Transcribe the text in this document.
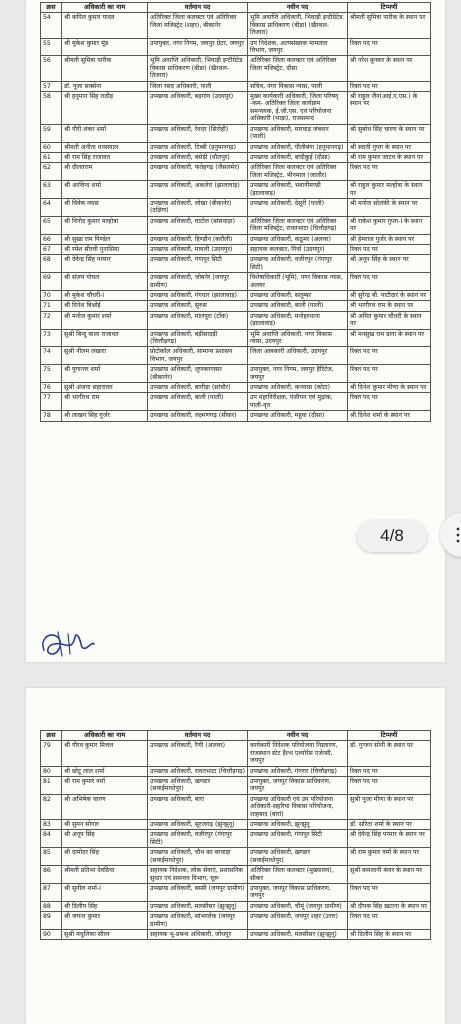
क्रस	अधिकारी का नाम	वर्तमान पद	नवीन पद	टिप्पणी
54	श्री कपिल कुमार यादव	अतिरिक्त जिला कलक्टर एवं अतिरिक्त जिला मजिस्ट्रेट (शहर), बीकानेर	भूमि अवाप्ति अधिकारी, भिवाड़ी इन्टीग्रेटेड विकास प्राधिकरण (बीडा) (खैरथल-तिजारा)	श्रीमती सुमित्रा पारीक के स्थान पर
55	श्री मुकेश कुमार मूंड	उपायुक्त, नगर निगम, जयपुर ग्रेटर, जयपुर	उप निदेशक, अल्पसंख्यक मामलात विभाग, जयपुर.	रिक्त पद पर
56	श्रीमती सुमित्रा पारीक	भूमि अवाप्ति अधिकारी, भिवाड़ी इन्टीग्रेटेड विकास प्राधिकरण (बीडा) (खैरथल-तिजारा)	अतिरिक्त जिला कलक्टर एवं अतिरिक्त जिला मजिस्ट्रेट, दौसा	श्री नरेश बुनकर के स्थान पर
57	डॉ. पूजा सक्सेना	जिला रसद अधिकारी, पाली	सचिव, नगर विकास न्यास, पाली	रिक्त पद पर
58	श्री हनुमान सिंह राठौड़	उपखण्ड अधिकारी, बड़गांव (उदयपुर)	मुख्य कार्यकारी अधिकारी, जिला परिषद् -कम- अतिरिक्त जिला कार्यक्रम समन्वयक, ई.जी.एस. एवं परियोजना अधिकारी (भाड़ा), राजसमन्द	श्री राहुल जैन(आई.ए.एस.) के स्थान पर
59	श्री गौरी शंकर शर्मा	उपखण्ड अधिकारी, रेवदर (सिरोही)	उपखण्ड अधिकारी, मारवाड़ जंक्शन (पाली)	श्री सुबोध सिंह चारण के स्थान पर
60	श्रीमती अनीता धनसवाल	उपखण्ड अधिकारी, टिब्बी (हनुमानगढ़)	उपखण्ड अधिकारी, पीलीबंगा (हनुमानगढ़)	श्री स्वाती गुप्ता के स्थान पर
61	श्री राम सिंह राजावत	उपखण्ड अधिकारी, बसेड़ी (धौलपुर)	उपखण्ड अधिकारी, बांदीकुई (दौसा)	श्री राम कुमार जाटव के स्थान पर
62	श्री दौलतराम	उपखण्ड अधिकारी, फतेहगढ़ (जैसलमेर)	अतिरिक्त जिला कलक्टर एवं अतिरिक्त जिला मजिस्ट्रेट, भीनमाल (जालौर)	रिक्त पद पर
63	श्री अरविन्द शर्मा	उपखण्ड अधिकारी, अकलेरा (झालावाड़)	उपखण्ड अधिकारी, भवानीमण्डी (झालावाड़)	श्री राहुल कुमार मल्होत्रा के स्थान पर
64	श्री विवेक व्यास	उपखण्ड अधिकारी, लोखा (बीकानेर) (दक्षिण)	उपखण्ड अधिकारी, देसूरी (पाली)	श्री मनोज सोलंकी के स्थान पर
65	श्री विनोद कुमार मल्होत्रा	उपखण्ड अधिकारी, घाटोल (बांसवाड़ा)	अतिरिक्त जिला कलक्टर एवं अतिरिक्त जिला मजिस्ट्रेट, रावतभाटा (चित्तौड़गढ़)	श्री राकेश कुमार गुप्ता-I के स्थान पर
66	श्री सुखा राम पिण्डेल	उपखण्ड अधिकारी, हिण्डौन (करौली)	उपखण्ड अधिकारी, कठूमर (अलवर)	श्री हेमराज गुर्जर के स्थान पर
67	श्री रमेश सीरवी पुनासिया	उपखण्ड अधिकारी, मावली (उदयपुर)	सहायक कलक्टर, गिर्वा (उदयपुर)	रिक्त पद पर
68	श्री देवेन्द्र सिंह परमार	उपखण्ड अधिकारी, गंगापुर सिटी	उपखण्ड अधिकारी, वजीरपुर (गंगापुर सिटी)	श्री अनूप सिंह के स्थान पर
69	श्री संजय गोयल	उपखण्ड अधिकारी, जोबनेर (जयपुर ग्रामीण)	विशेषाधिकारी (भूमि), नगर विकास न्यास, अलवर	रिक्त पद पर
70	श्री मुकेश चौधरी-I	उपखण्ड अधिकारी, गंगधार (झालावाड़)	उपखण्ड अधिकारी, सलूम्बर	श्री सुरेन्द्र बी. पाटीदार के स्थान पर
71	श्री दिनेश बिश्नोई	उपखण्ड अधिकारी, सुरुस	उपखण्ड अधिकारी, बाली (पाली)	श्री भागीरथ राम के स्थान पर
72	श्री मनोज कुमार शर्मा	उपखण्ड अधिकारी, मालपुरा (टोंक)	उपखण्ड अधिकारी, मनोहरथाना (झालावाड़)	श्री अमित कुमार चौधरी के स्थान पर
73	सुश्री बिन्दु बाला राजावत	उपखण्ड अधिकारी, बड़ीसादड़ी (चित्तौड़गढ़)	भूमि अवाप्ति अधिकारी, नगर विकास न्यास, उदयपुर	श्री मनसुख राम डागा के स्थान पर
74	सुश्री नीलम लखारा	प्रोटोकॉल अधिकारी, सामान्य प्रशासन विभाग, जयपुर	जिला आबकारी अधिकारी, उदयपुर	रिक्त पद पर
75	श्री युगान्तर शर्मा	उपखण्ड अधिकारी, लूणकरणसर (बीकानेर)	उपायुक्त, नगर निगम, जयपुर हैरिटेज, जयपुर	रिक्त पद पर
76	सुश्री अंजना सहारावत	उपखण्ड अधिकारी, बागीड़ा (सांचौर)	उपखण्ड अधिकारी, कनवास (कोटा)	श्री दिनेश कुमार मीणा के स्थान पर
77	श्री भागीरथ राम	उपखण्ड अधिकारी, बाली (पाली)	उप महानिरीक्षक, पंजीयन एवं मुद्रांक, पाली-वृत	रिक्त पद पर
78	श्री लाखन सिंह गुर्जर	उपखण्ड अधिकारी, लक्ष्मणगढ़ (सीकर)	उपखण्ड अधिकारी, महुवा (दौसा)	श्री दिनेश शर्मा के स्थान पर
क्रस	अधिकारी का नाम	वर्तमान पद	नवीन पद	टिप्पणी
79	श्री गौरव कुमार मित्तल	उपखण्ड अधिकारी, रैणी (अलवर)	कार्यकारी निदेशक परियोजना निस्तारण, राजस्थान स्टेट हैल्थ एश्योरेंस एजेन्सी, जयपुर	डॉ. गुन्जन सोनी के स्थान पर
80	श्री छोटू लाल शर्मा	उपखण्ड अधिकारी, रावतभाटा (चित्तौड़गढ़)	उपखण्ड अधिकारी, गंगरार (चित्तौड़गढ़)	रिक्त पद पर
81	श्री राम कुमार वर्मा	उपखण्ड अधिकारी, खण्डार (सवाईमाधोपुर)	उपायुक्त, जयपुर विकास प्राधिकरण, जयपुर	रिक्त पद पर
82	श्री अभिषेक चारण	उपखण्ड अधिकारी, बारा	उपखण्ड अधिकारी एवं उप परियोजना अधिकारी-सहरिया विकास परियोजना, शाहबाद (बारां)	सुश्री पूजा मीणा के स्थान पर
83	श्री सुमन सोगल	उपखण्ड अधिकारी, सूरजगढ़ (झुन्झुनू)	उपखण्ड अधिकारी, झुन्झुनू	डॉ. सरिता शर्मा के स्थान पर
84	श्री अनूप सिंह	उपखण्ड अधिकारी, वजीरपुर (गंगापुर सिटी)	उपखण्ड अधिकारी, गंगापुर सिटी	श्री देवेन्द्र सिंह परमार के स्थान पर
85	श्री दामोदर सिंह	उपखण्ड अधिकारी, चौथ का बरवाड़ा (सवाईमाधोपुर)	उपखण्ड अधिकारी, खण्डार (सवाईमाधोपुर)	श्री राम कुमार वर्मा के स्थान पर
86	श्रीमती प्रतिभा देवठिया	सहायक निदेशक, लोक सेवाएं, प्रशासनिक सुधार एवं समन्वय विभाग, चूरू	अतिरिक्त जिला कलक्टर (मुख्यालय), सीकर	सुश्री कमलानी कंवर के स्थान पर
87	श्री सुनील शर्मा-I	उपखण्ड अधिकारी, बस्सी (जयपुर ग्रामीण)	उपायुक्त, जयपुर विकास प्राधिकरण, जयपुर	रिक्त पद पर
88	श्री दिलीप सिंह	उपखण्ड अधिकारी, मलसीसर (झुन्झुनू)	उपखण्ड अधिकारी, चौमूं (जयपुर ग्रामीण)	श्री दीपक सिंह खटाना के स्थान पर
89	श्री जयन्त कुमार	उपखण्ड अधिकारी, सांभरलेक (जयपुर ग्रामीण)	उपखण्ड अधिकारी, जयपुर शहर (उत्तर)	रिक्त पद पर
90	सुश्री मधुलिका सीरव	सहायक भू-प्रबन्ध अधिकारी, जोधपुर	उपखण्ड अधिकारी, मलसीसर (झुन्झुनू)	श्री दिलीप सिंह के स्थान पर
4/8
